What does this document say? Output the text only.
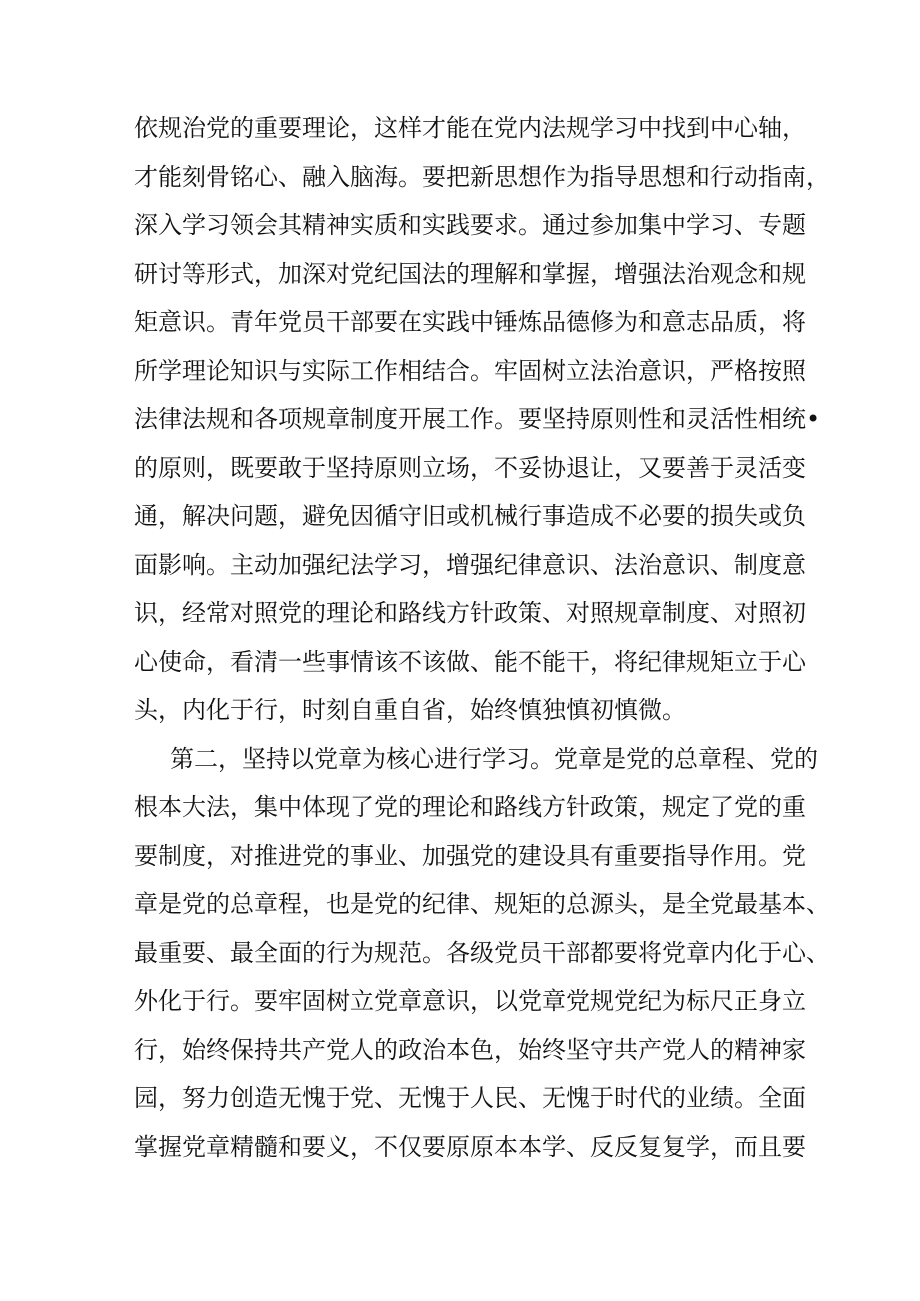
依规治党的重要理论，这样才能在党内法规学习中找到中心轴，
才能刻骨铭心、融入脑海。要把新思想作为指导思想和行动指南，
深入学习领会其精神实质和实践要求。通过参加集中学习、专题
研讨等形式，加深对党纪国法的理解和掌握，增强法治观念和规
矩意识。青年党员干部要在实践中锤炼品德修为和意志品质，将
所学理论知识与实际工作相结合。牢固树立法治意识，严格按照
法律法规和各项规章制度开展工作。要坚持原则性和灵活性相统•
的原则，既要敢于坚持原则立场，不妥协退让，又要善于灵活变
通，解决问题，避免因循守旧或机械行事造成不必要的损失或负
面影响。主动加强纪法学习，增强纪律意识、法治意识、制度意
识，经常对照党的理论和路线方针政策、对照规章制度、对照初
心使命，看清一些事情该不该做、能不能干，将纪律规矩立于心
头，内化于行，时刻自重自省，始终慎独慎初慎微。
第二，坚持以党章为核心进行学习。党章是党的总章程、党的
根本大法，集中体现了党的理论和路线方针政策，规定了党的重
要制度，对推进党的事业、加强党的建设具有重要指导作用。党
章是党的总章程，也是党的纪律、规矩的总源头，是全党最基本、
最重要、最全面的行为规范。各级党员干部都要将党章内化于心、
外化于行。要牢固树立党章意识，以党章党规党纪为标尺正身立
行，始终保持共产党人的政治本色，始终坚守共产党人的精神家
园，努力创造无愧于党、无愧于人民、无愧于时代的业绩。全面
掌握党章精髓和要义，不仅要原原本本学、反反复复学，而且要
